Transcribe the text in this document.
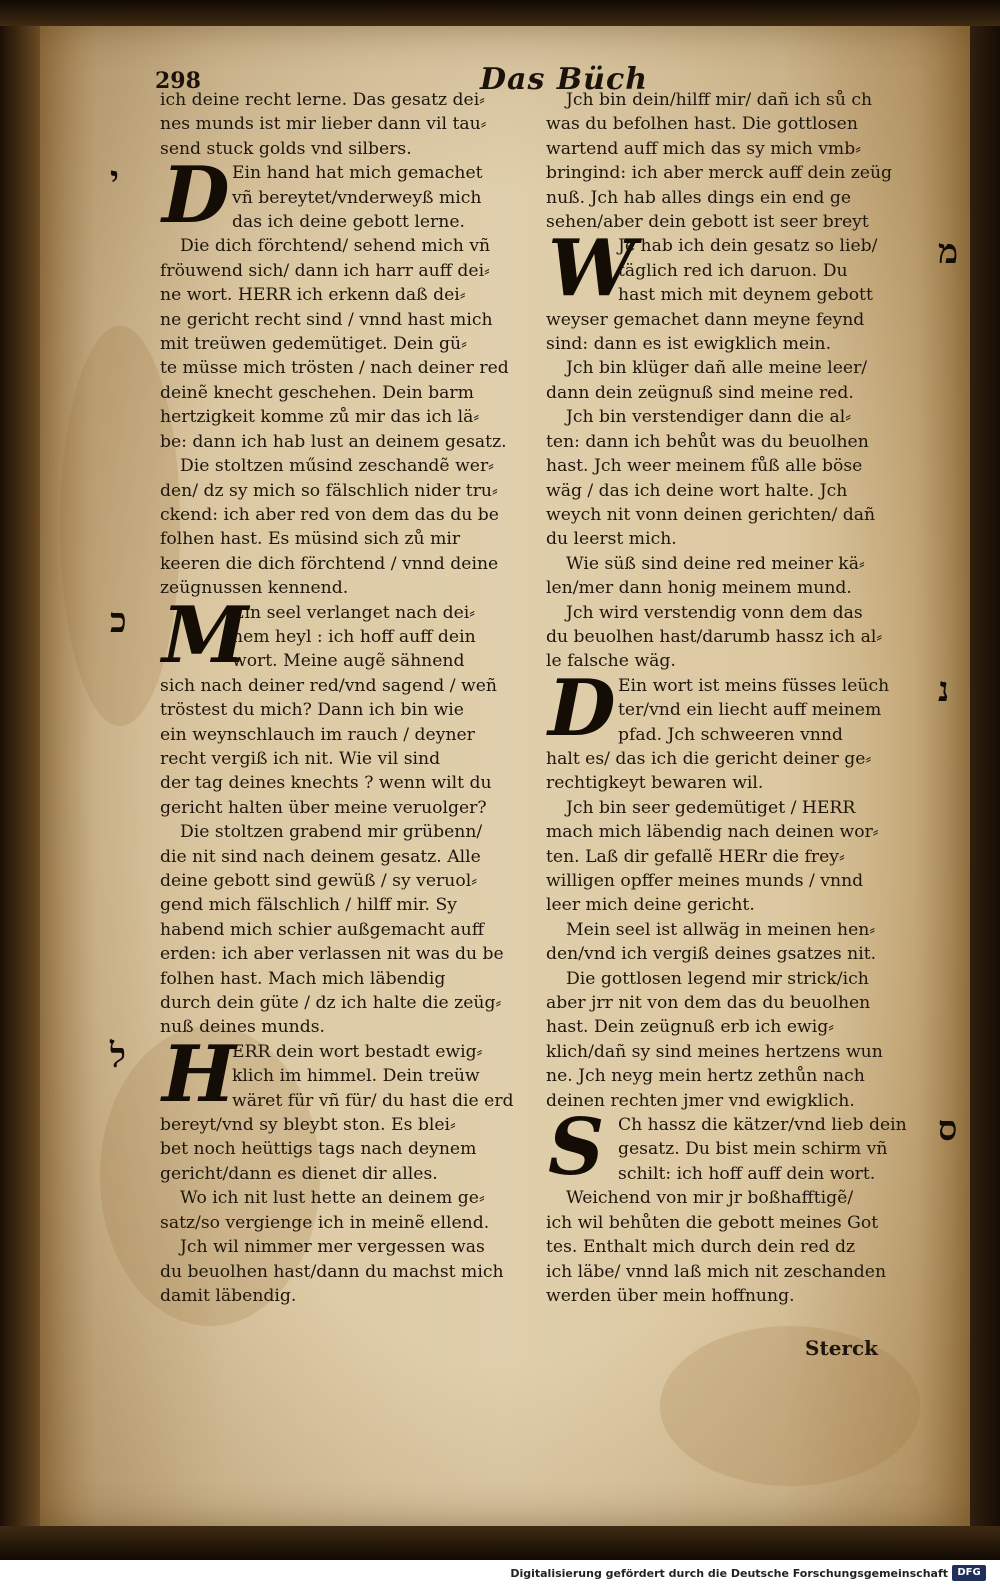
298	Das Büch
ich deine recht lerne. Das gesatz dei⸗
nes munds ist mir lieber dann vil tau⸗
send stuck golds vnd silbers.
D
י	Ein hand hat mich gemachet
vñ bereytet/vnderweyß mich
das ich deine gebott lerne.
Die dich förchtend/ sehend mich vñ
fröuwend sich/ dann ich harr auff dei⸗
ne wort. HERR ich erkenn daß dei⸗
ne gericht recht sind / vnnd hast mich
mit treüwen gedemütiget. Dein gü⸗
te müsse mich trösten / nach deiner red
deinẽ knecht geschehen. Dein barm
hertzigkeit komme zů mir das ich lä⸗
be: dann ich hab lust an deinem gesatz.
Die stoltzen műsind zeschandẽ wer⸗
den/ dz sy mich so fälschlich nider tru⸗
ckend: ich aber red von dem das du be
folhen hast. Es müsind sich zů mir
keeren die dich förchtend / vnnd deine
zeügnussen kennend.
M
כ	Ein seel verlanget nach dei⸗
nem heyl : ich hoff auff dein
wort. Meine augẽ sähnend
sich nach deiner red/vnd sagend / weñ
tröstest du mich? Dann ich bin wie
ein weynschlauch im rauch / deyner
recht vergiß ich nit. Wie vil sind
der tag deines knechts ? wenn wilt du
gericht halten über meine veruolger?
Die stoltzen grabend mir grübenn/
die nit sind nach deinem gesatz. Alle
deine gebott sind gewüß / sy veruol⸗
gend mich fälschlich / hilff mir. Sy
habend mich schier außgemacht auff
erden: ich aber verlassen nit was du be
folhen hast. Mach mich läbendig
durch dein güte / dz ich halte die zeüg⸗
nuß deines munds.
H
ל	ERR dein wort bestadt ewig⸗
klich im himmel. Dein treüw
wäret für vñ für/ du hast die erd
bereyt/vnd sy bleybt ston. Es blei⸗
bet noch heüttigs tags nach deynem
gericht/dann es dienet dir alles.
Wo ich nit lust hette an deinem ge⸗
satz/so vergienge ich in meinẽ ellend.
Jch wil nimmer mer vergessen was
du beuolhen hast/dann du machst mich
damit läbendig.
Jch bin dein/hilff mir/ dañ ich sů ch
was du befolhen hast. Die gottlosen
wartend auff mich das sy mich vmb⸗
bringind: ich aber merck auff dein zeüg
nuß. Jch hab alles dings ein end ge
sehen/aber dein gebott ist seer breyt
W	מ
Je hab ich dein gesatz so lieb/
täglich red ich daruon. Du
hast mich mit deynem gebott
weyser gemachet dann meyne feynd
sind: dann es ist ewigklich mein.
Jch bin klüger dañ alle meine leer/
dann dein zeügnuß sind meine red.
Jch bin verstendiger dann die al⸗
ten: dann ich behůt was du beuolhen
hast. Jch weer meinem fůß alle böse
wäg / das ich deine wort halte. Jch
weych nit vonn deinen gerichten/ dañ
du leerst mich.
Wie süß sind deine red meiner kä⸗
len/mer dann honig meinem mund.
Jch wird verstendig vonn dem das
du beuolhen hast/darumb hassz ich al⸗
le falsche wäg.
D	נ
Ein wort ist meins füsses leüch
ter/vnd ein liecht auff meinem
pfad. Jch schweeren vnnd
halt es/ das ich die gericht deiner ge⸗
rechtigkeyt bewaren wil.
Jch bin seer gedemütiget / HERR
mach mich läbendig nach deinen wor⸗
ten. Laß dir gefallẽ HERr die frey⸗
willigen opffer meines munds / vnnd
leer mich deine gericht.
Mein seel ist allwäg in meinen hen⸗
den/vnd ich vergiß deines gsatzes nit.
Die gottlosen legend mir strick/ich
aber jrr nit von dem das du beuolhen
hast. Dein zeügnuß erb ich ewig⸗
klich/dañ sy sind meines hertzens wun
ne. Jch neyg mein hertz zethůn nach
deinen rechten jmer vnd ewigklich.
S	ס
Ch hassz die kätzer/vnd lieb dein
gesatz. Du bist mein schirm vñ
schilt: ich hoff auff dein wort.
Weichend von mir jr boßhafftigẽ/
ich wil behůten die gebott meines Got
tes. Enthalt mich durch dein red dz
ich läbe/ vnnd laß mich nit zeschanden
werden über mein hoffnung.
Sterck
Digitalisierung gefördert durch die Deutsche Forschungsgemeinschaft DFG
